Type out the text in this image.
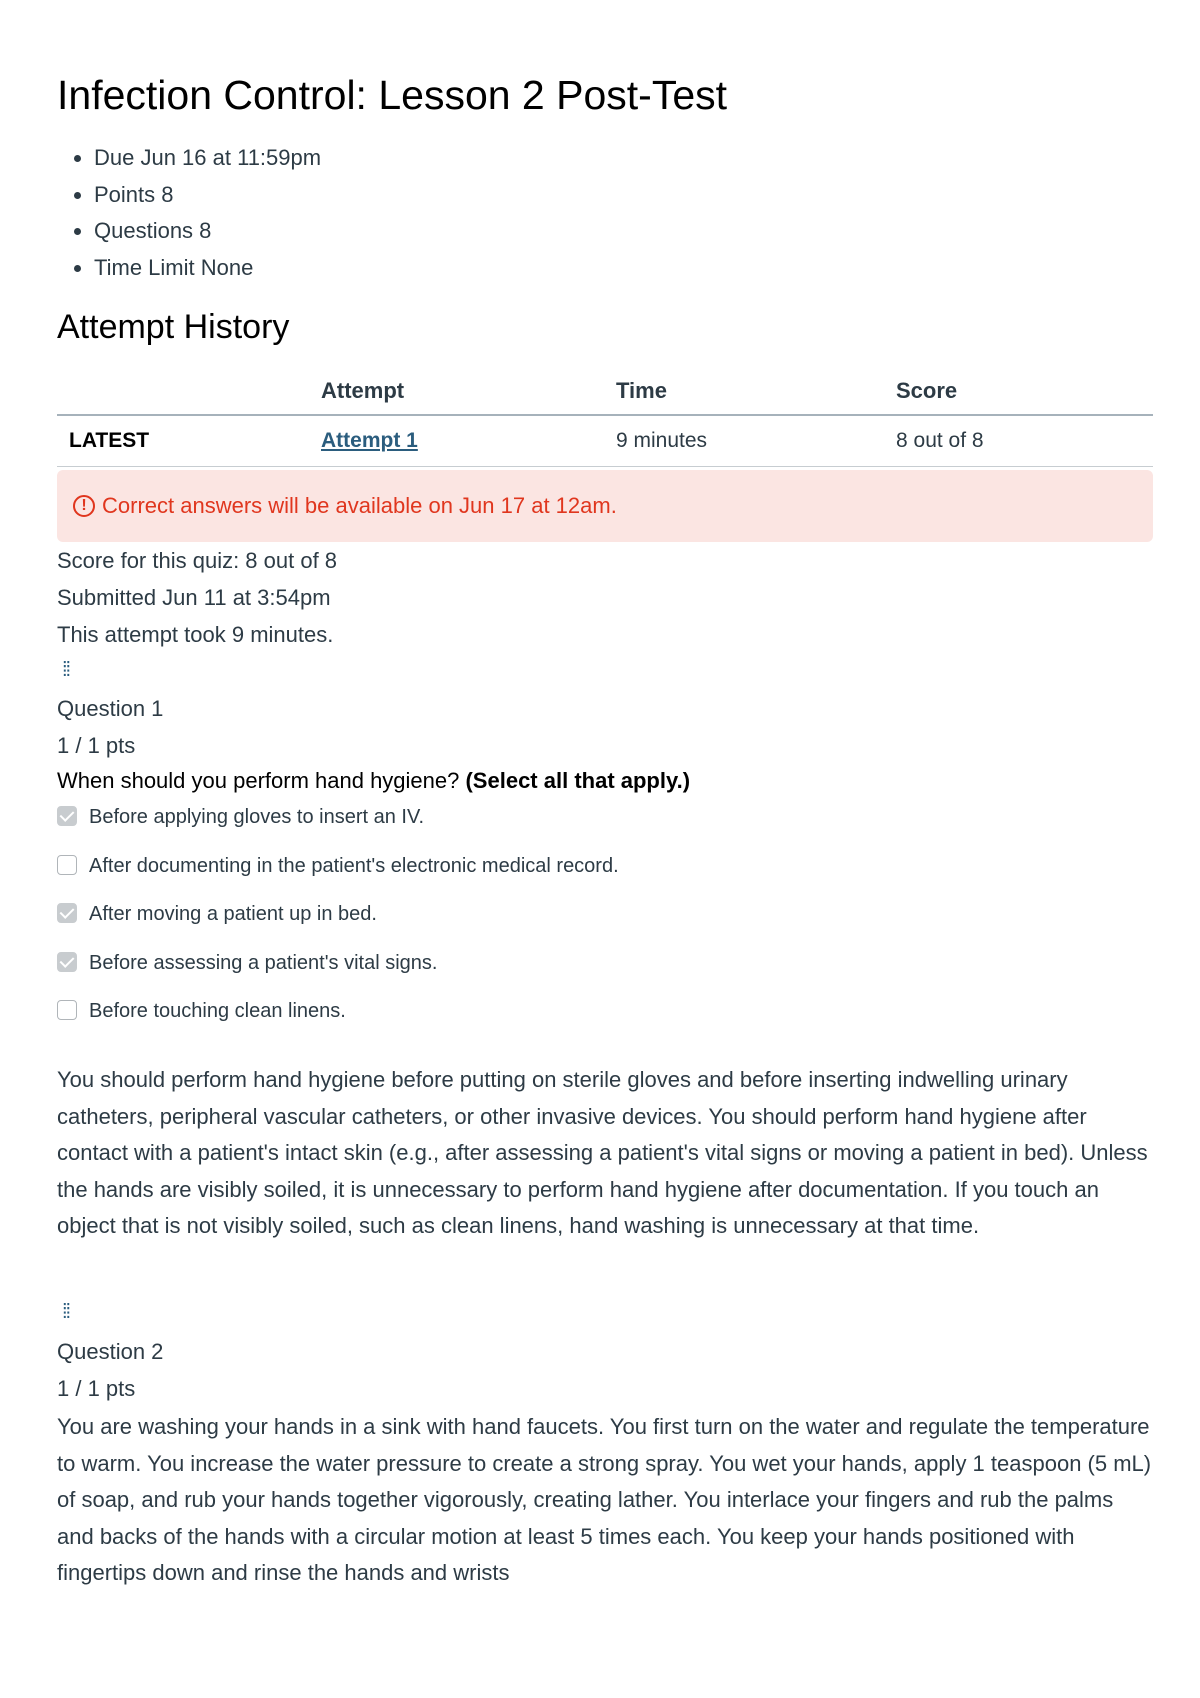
Infection Control: Lesson 2 Post-Test
• Due Jun 16 at 11:59pm
• Points 8
• Questions 8
• Time Limit None
Attempt History
	Attempt	Time	Score
LATEST	Attempt 1	9 minutes	8 out of 8
! Correct answers will be available on Jun 17 at 12am.
Score for this quiz: 8 out of 8
Submitted Jun 11 at 3:54pm
This attempt took 9 minutes.
⁞⁞
Question 1
1 / 1 pts
When should you perform hand hygiene? (Select all that apply.)
Before applying gloves to insert an IV.
After documenting in the patient's electronic medical record.
After moving a patient up in bed.
Before assessing a patient's vital signs.
Before touching clean linens.
You should perform hand hygiene before putting on sterile gloves and before inserting indwelling urinary catheters, peripheral vascular catheters, or other invasive devices. You should perform hand hygiene after contact with a patient's intact skin (e.g., after assessing a patient's vital signs or moving a patient in bed). Unless the hands are visibly soiled, it is unnecessary to perform hand hygiene after documentation. If you touch an object that is not visibly soiled, such as clean linens, hand washing is unnecessary at that time.
⁞⁞
Question 2
1 / 1 pts
You are washing your hands in a sink with hand faucets. You first turn on the water and regulate the temperature to warm. You increase the water pressure to create a strong spray. You wet your hands, apply 1 teaspoon (5 mL) of soap, and rub your hands together vigorously, creating lather. You interlace your fingers and rub the palms and backs of the hands with a circular motion at least 5 times each. You keep your hands positioned with fingertips down and rinse the hands and wrists
